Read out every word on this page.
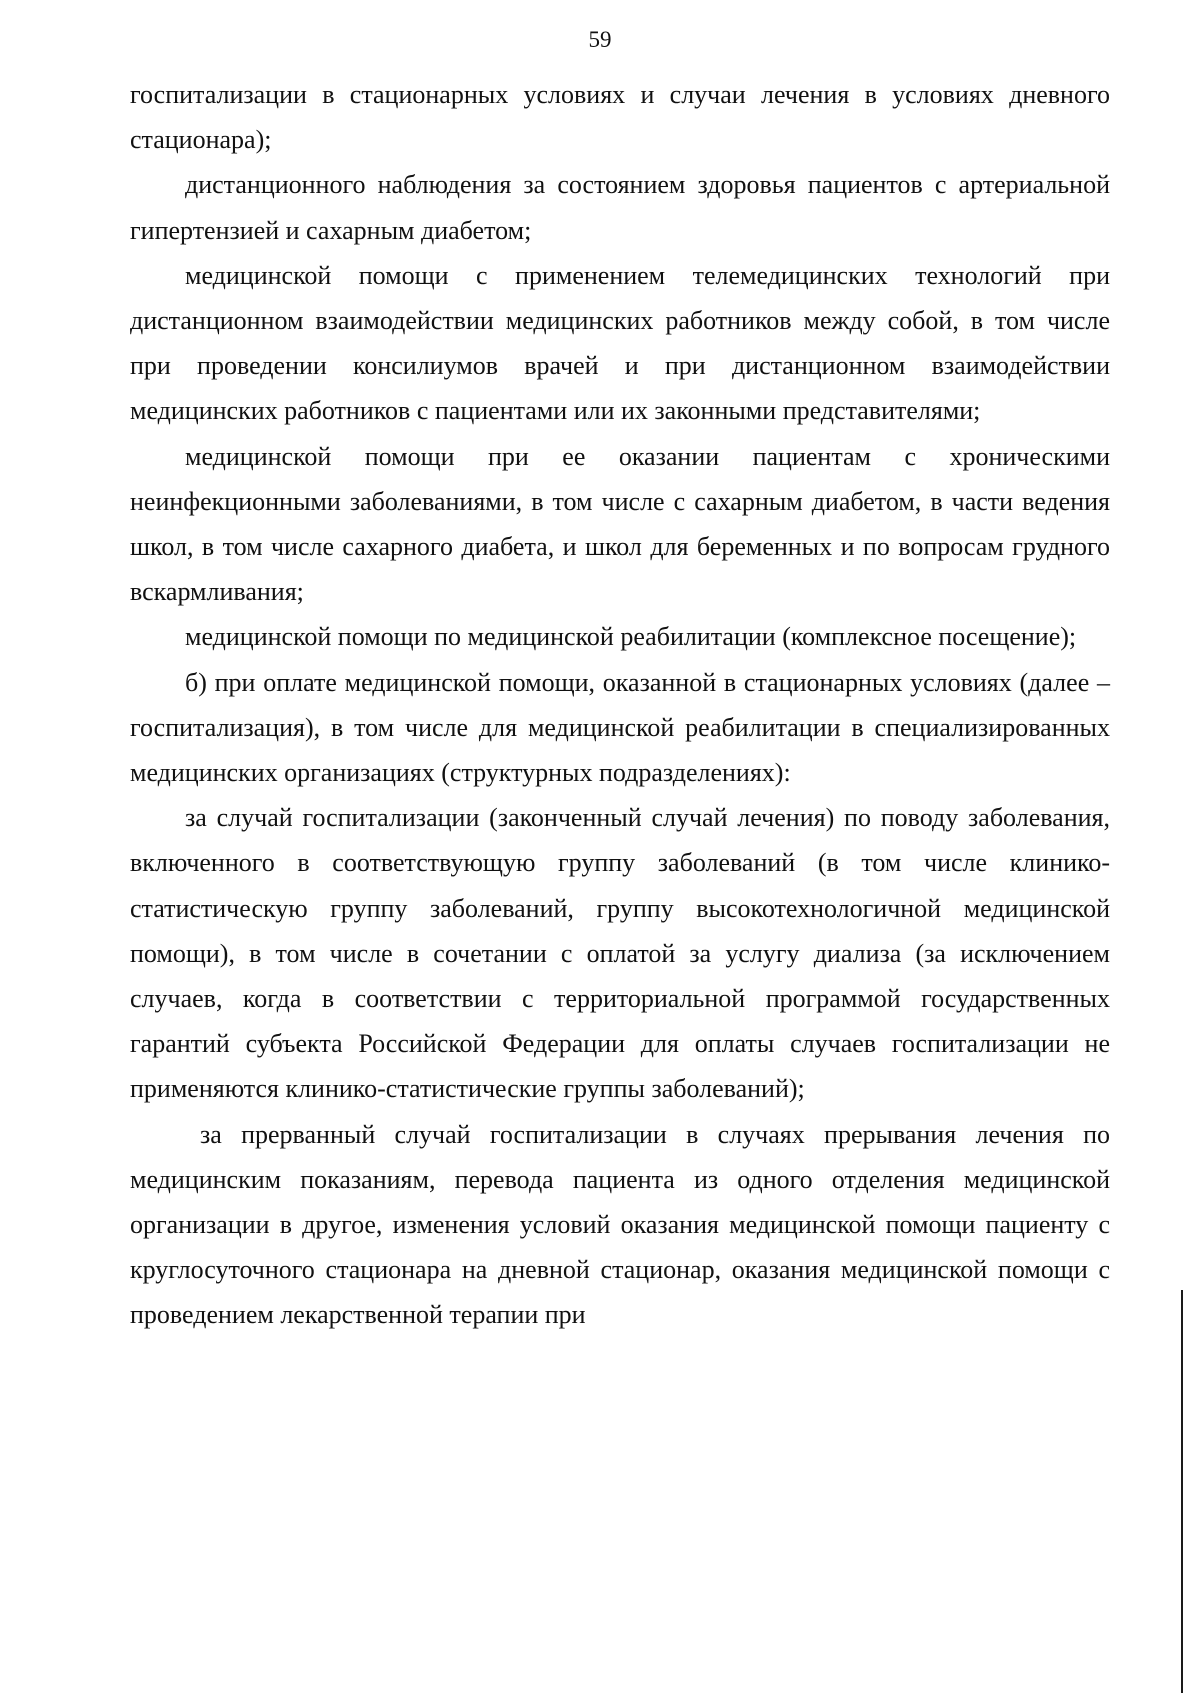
59

госпитализации в стационарных условиях и случаи лечения в условиях дневного стационара);

дистанционного наблюдения за состоянием здоровья пациентов с артериальной гипертензией и сахарным диабетом;

медицинской помощи с применением телемедицинских технологий при дистанционном взаимодействии медицинских работников между собой, в том числе при проведении консилиумов врачей и при дистанционном взаимодействии медицинских работников с пациентами или их законными представителями;

медицинской помощи при ее оказании пациентам с хроническими неинфекционными заболеваниями, в том числе с сахарным диабетом, в части ведения школ, в том числе сахарного диабета, и школ для беременных и по вопросам грудного вскармливания;

медицинской помощи по медицинской реабилитации (комплексное посещение);

б) при оплате медицинской помощи, оказанной в стационарных условиях (далее – госпитализация), в том числе для медицинской реабилитации в специализированных медицинских организациях (структурных подразделениях):

за случай госпитализации (законченный случай лечения) по поводу заболевания, включенного в соответствующую группу заболеваний (в том числе клинико-статистическую группу заболеваний, группу высокотехнологичной медицинской помощи), в том числе в сочетании с оплатой за услугу диализа (за исключением случаев, когда в соответствии с территориальной программой государственных гарантий субъекта Российской Федерации для оплаты случаев госпитализации не применяются клинико-статистические группы заболеваний);

за прерванный случай госпитализации в случаях прерывания лечения по медицинским показаниям, перевода пациента из одного отделения медицинской организации в другое, изменения условий оказания медицинской помощи пациенту с круглосуточного стационара на дневной стационар, оказания медицинской помощи с проведением лекарственной терапии при
